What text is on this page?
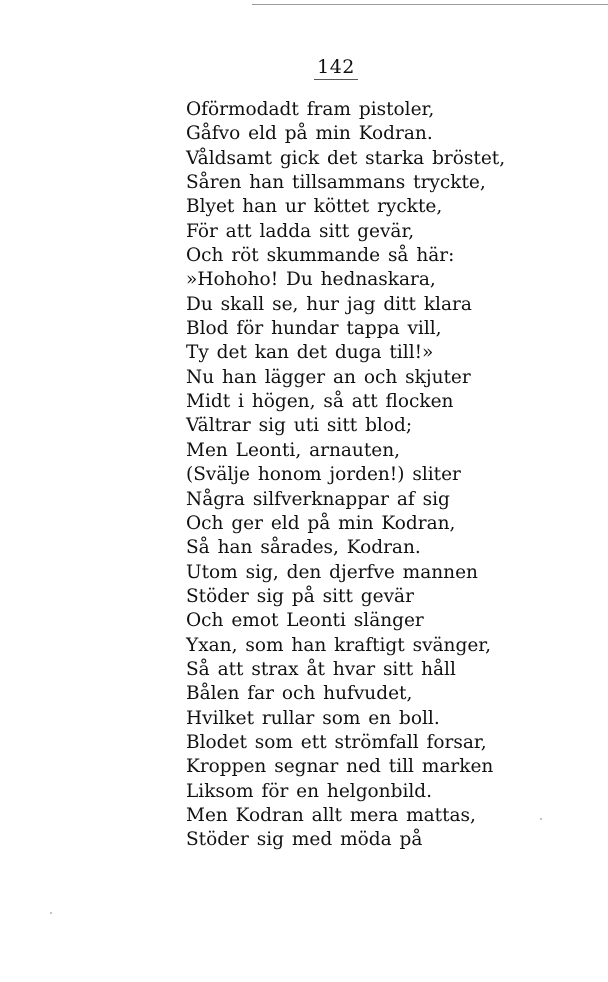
142
Oförmodadt fram pistoler,
Gåfvo eld på min Kodran.
Våldsamt gick det starka bröstet,
Såren han tillsammans tryckte,
Blyet han ur köttet ryckte,
För att ladda sitt gevär,
Och röt skummande så här:
»Hohoho! Du hednaskara,
Du skall se, hur jag ditt klara
Blod för hundar tappa vill,
Ty det kan det duga till!»
Nu han lägger an och skjuter
Midt i högen, så att flocken
Vältrar sig uti sitt blod;
Men Leonti, arnauten,
(Svälje honom jorden!) sliter
Några silfverknappar af sig
Och ger eld på min Kodran,
Så han sårades, Kodran.
Utom sig, den djerfve mannen
Stöder sig på sitt gevär
Och emot Leonti slänger
Yxan, som han kraftigt svänger,
Så att strax åt hvar sitt håll
Bålen far och hufvudet,
Hvilket rullar som en boll.
Blodet som ett strömfall forsar,
Kroppen segnar ned till marken
Liksom för en helgonbild.
Men Kodran allt mera mattas,
Stöder sig med möda på
